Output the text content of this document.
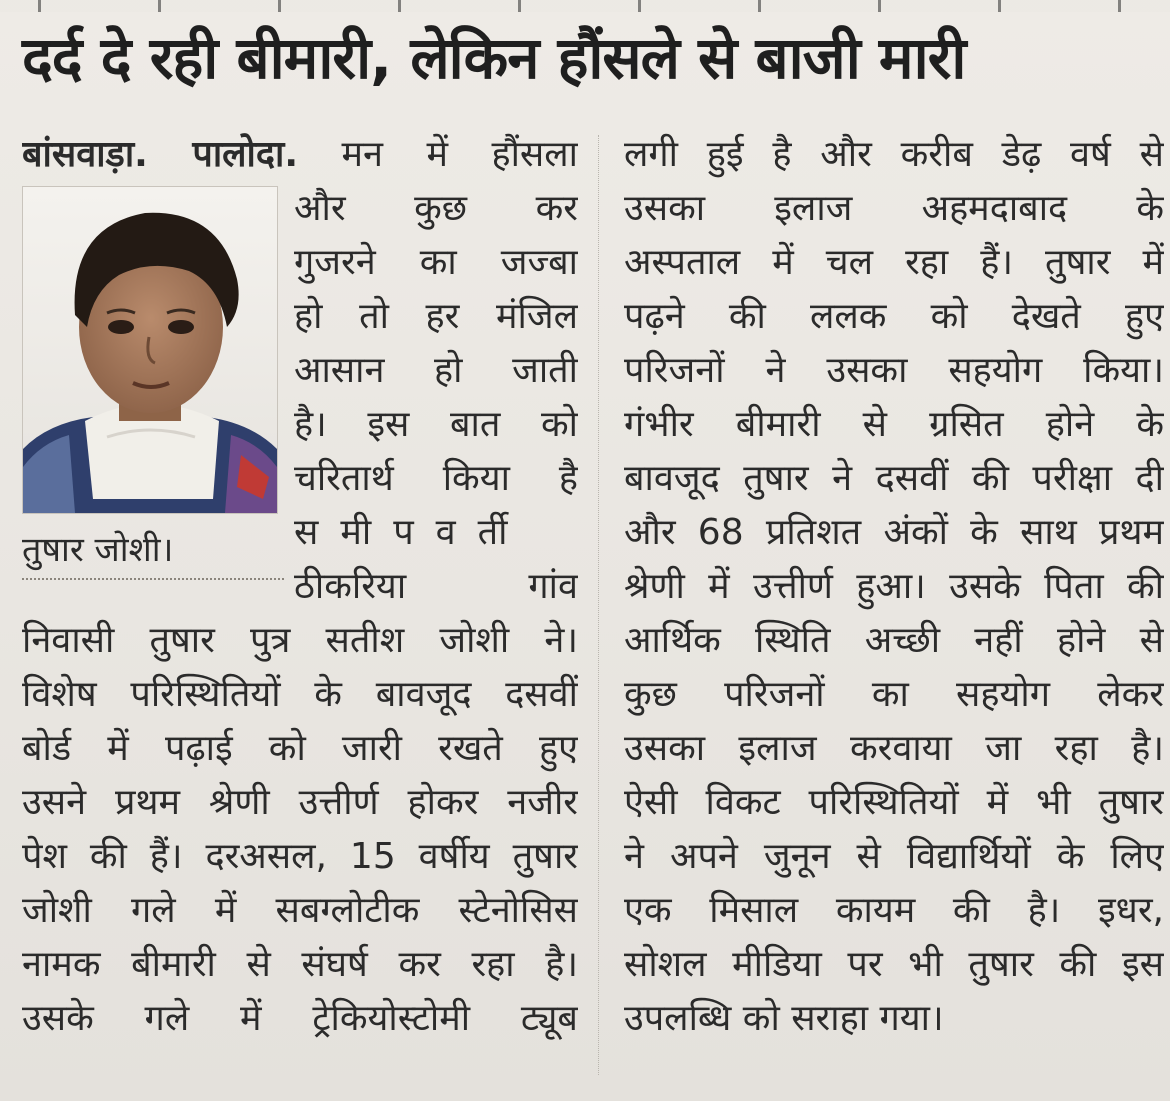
दर्द दे रही बीमारी, लेकिन हौंसले से बाजी मारी
बांसवाड़ा. पालोदा. मन में हौंसला
तुषार जोशी।
और कुछ कर
गुजरने का जज्बा
हो तो हर मंजिल
आसान हो जाती
है। इस बात को
चरितार्थ किया है
समीपवर्ती
ठीकरिया गांव
निवासी तुषार पुत्र सतीश जोशी ने।
विशेष परिस्थितियों के बावजूद दसवीं
बोर्ड में पढ़ाई को जारी रखते हुए
उसने प्रथम श्रेणी उत्तीर्ण होकर नजीर
पेश की हैं। दरअसल, 15 वर्षीय तुषार
जोशी गले में सबग्लोटीक स्टेनोसिस
नामक बीमारी से संघर्ष कर रहा है।
उसके गले में ट्रेकियोस्टोमी ट्यूब
लगी हुई है और करीब डेढ़ वर्ष से
उसका इलाज अहमदाबाद के
अस्पताल में चल रहा हैं। तुषार में
पढ़ने की ललक को देखते हुए
परिजनों ने उसका सहयोग किया।
गंभीर बीमारी से ग्रसित होने के
बावजूद तुषार ने दसवीं की परीक्षा दी
और 68 प्रतिशत अंकों के साथ प्रथम
श्रेणी में उत्तीर्ण हुआ। उसके पिता की
आर्थिक स्थिति अच्छी नहीं होने से
कुछ परिजनों का सहयोग लेकर
उसका इलाज करवाया जा रहा है।
ऐसी विकट परिस्थितियों में भी तुषार
ने अपने जुनून से विद्यार्थियों के लिए
एक मिसाल कायम की है। इधर,
सोशल मीडिया पर भी तुषार की इस
उपलब्धि को सराहा गया।
